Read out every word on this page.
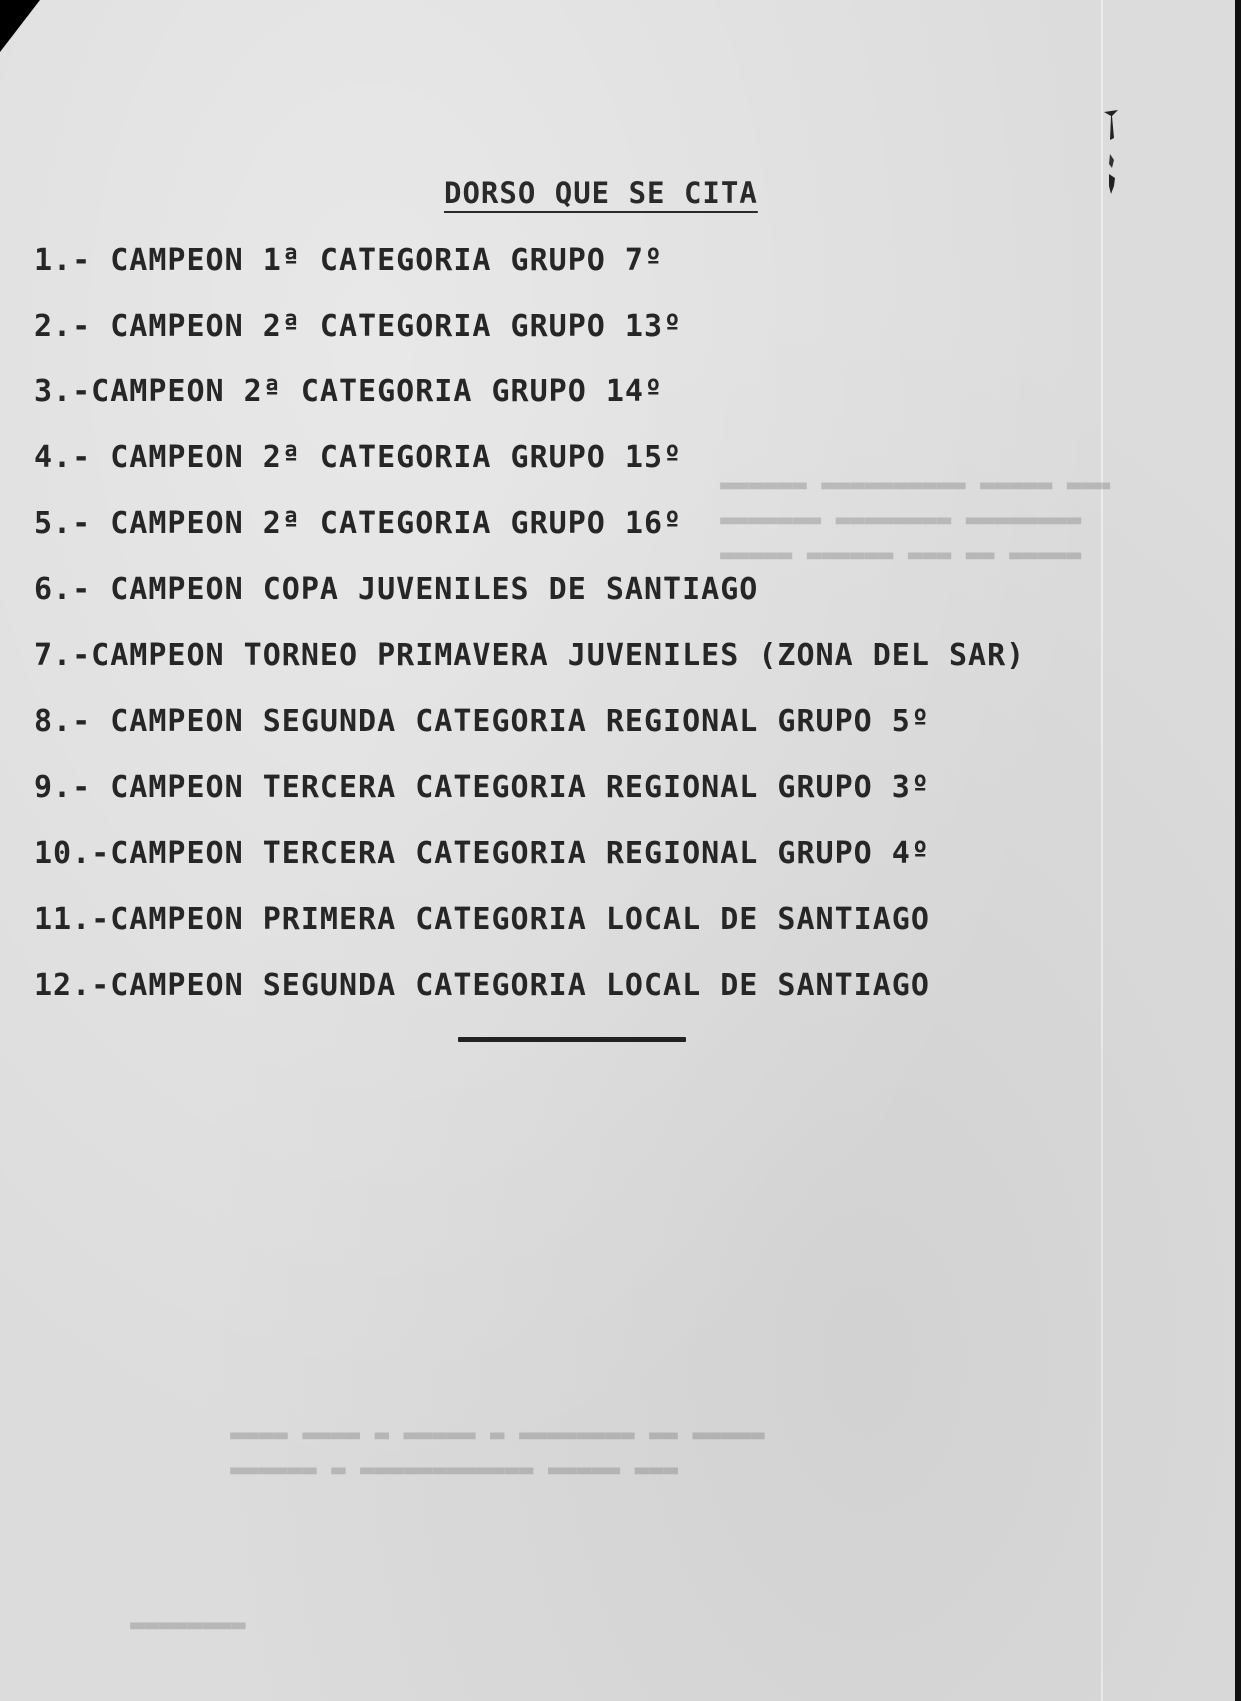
▬▬▬ ▬▬▬▬▬ ▬▬▬▬▬▬▬▬▬▬ ▬▬▬▬▬▬
▬▬▬▬▬▬▬▬ ▬▬▬▬▬▬▬▬ ▬▬▬▬▬▬▬
▬▬▬▬▬ ▬▬ ▬▬▬ ▬▬▬▬▬▬ ▬▬▬▬▬
▬▬▬▬▬ ▬▬ ▬▬▬▬▬▬▬▬ ▬ ▬▬▬▬▬ ▬ ▬▬▬▬ ▬▬▬▬
▬▬▬ ▬▬▬▬▬ ▬▬▬▬▬▬▬▬▬▬▬▬ ▬ ▬▬▬▬▬▬
▬▬▬▬▬▬▬▬
DORSO QUE SE CITA
1.- CAMPEON 1ª CATEGORIA GRUPO 7º
2.- CAMPEON 2ª CATEGORIA GRUPO 13º
3.-CAMPEON 2ª CATEGORIA GRUPO 14º
4.- CAMPEON 2ª CATEGORIA GRUPO 15º
5.- CAMPEON 2ª CATEGORIA GRUPO 16º
6.- CAMPEON COPA JUVENILES DE SANTIAGO
7.-CAMPEON TORNEO PRIMAVERA JUVENILES (ZONA DEL SAR)
8.- CAMPEON SEGUNDA CATEGORIA REGIONAL GRUPO 5º
9.- CAMPEON TERCERA CATEGORIA REGIONAL GRUPO 3º
10.-CAMPEON TERCERA CATEGORIA REGIONAL GRUPO 4º
11.-CAMPEON PRIMERA CATEGORIA LOCAL DE SANTIAGO
12.-CAMPEON SEGUNDA CATEGORIA LOCAL DE SANTIAGO
